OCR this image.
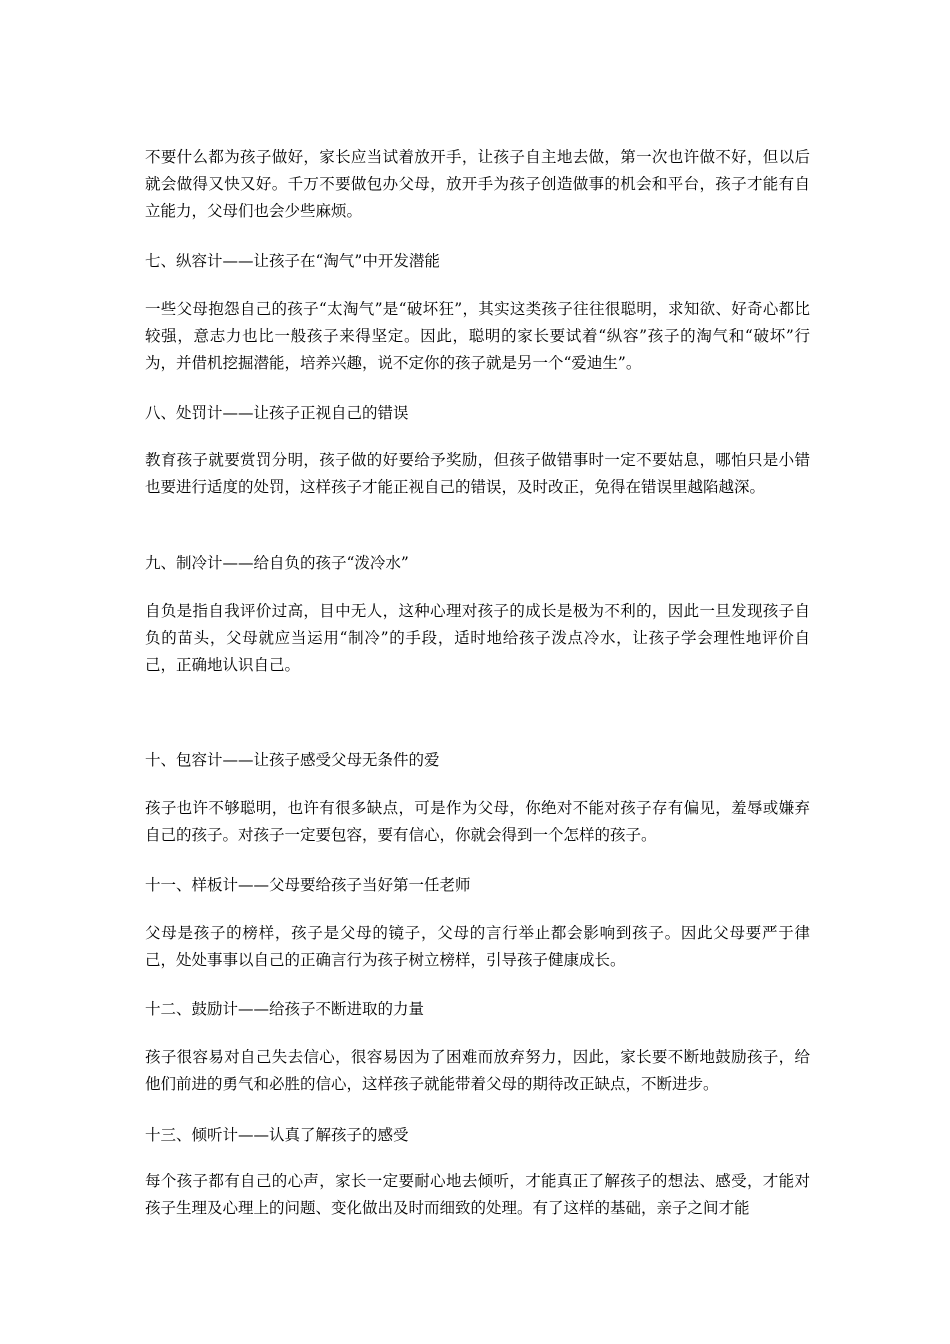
不要什么都为孩子做好，家长应当试着放开手，让孩子自主地去做，第一次也许做不好，但以后就会做得又快又好。千万不要做包办父母，放开手为孩子创造做事的机会和平台，孩子才能有自立能力，父母们也会少些麻烦。

七、纵容计——让孩子在“淘气”中开发潜能

一些父母抱怨自己的孩子“太淘气”是“破坏狂”，其实这类孩子往往很聪明，求知欲、好奇心都比较强，意志力也比一般孩子来得坚定。因此，聪明的家长要试着“纵容”孩子的淘气和“破坏”行为，并借机挖掘潜能，培养兴趣，说不定你的孩子就是另一个“爱迪生”。

八、处罚计——让孩子正视自己的错误

教育孩子就要赏罚分明，孩子做的好要给予奖励，但孩子做错事时一定不要姑息，哪怕只是小错也要进行适度的处罚，这样孩子才能正视自己的错误，及时改正，免得在错误里越陷越深。

九、制冷计——给自负的孩子“泼冷水”

自负是指自我评价过高，目中无人，这种心理对孩子的成长是极为不利的，因此一旦发现孩子自负的苗头，父母就应当运用“制冷”的手段，适时地给孩子泼点冷水，让孩子学会理性地评价自己，正确地认识自己。

十、包容计——让孩子感受父母无条件的爱

孩子也许不够聪明，也许有很多缺点，可是作为父母，你绝对不能对孩子存有偏见，羞辱或嫌弃自己的孩子。对孩子一定要包容，要有信心，你就会得到一个怎样的孩子。

十一、样板计——父母要给孩子当好第一任老师

父母是孩子的榜样，孩子是父母的镜子，父母的言行举止都会影响到孩子。因此父母要严于律己，处处事事以自己的正确言行为孩子树立榜样，引导孩子健康成长。

十二、鼓励计——给孩子不断进取的力量

孩子很容易对自己失去信心，很容易因为了困难而放弃努力，因此，家长要不断地鼓励孩子，给他们前进的勇气和必胜的信心，这样孩子就能带着父母的期待改正缺点，不断进步。

十三、倾听计——认真了解孩子的感受

每个孩子都有自己的心声，家长一定要耐心地去倾听，才能真正了解孩子的想法、感受，才能对孩子生理及心理上的问题、变化做出及时而细致的处理。有了这样的基础，亲子之间才能
